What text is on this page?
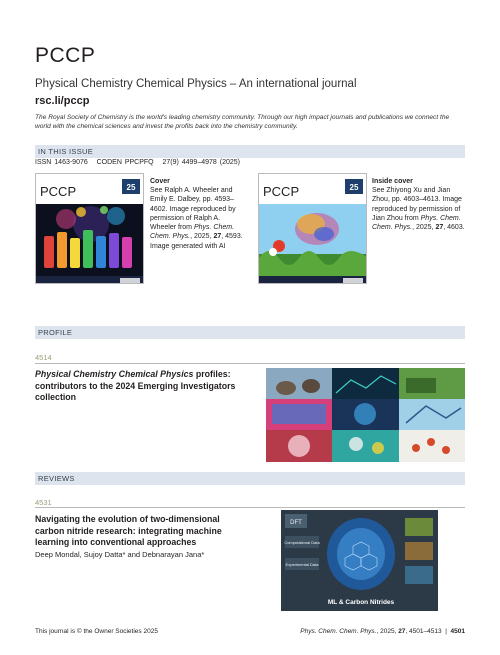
PCCP
Physical Chemistry Chemical Physics – An international journal
rsc.li/pccp
The Royal Society of Chemistry is the world's leading chemistry community. Through our high impact journals and publications we connect the world with the chemical sciences and invest the profits back into the chemistry community.
IN THIS ISSUE
ISSN 1463-9076 CODEN PPCPFQ 27(9) 4499–4978 (2025)
PCCP	25
Cover
See Ralph A. Wheeler and Emily E. Dalbey, pp. 4593–4602. Image reproduced by permission of Ralph A. Wheeler from Phys. Chem. Chem. Phys., 2025, 27, 4593. Image generated with AI
PCCP	25
Inside cover
See Zhiyong Xu and Jian Zhou, pp. 4603–4613. Image reproduced by permission of Jian Zhou from Phys. Chem. Chem. Phys., 2025, 27, 4603.
PROFILE
4514
Physical Chemistry Chemical Physics profiles: contributors to the 2024 Emerging Investigators collection
REVIEWS
4531
Navigating the evolution of two-dimensional carbon nitride research: integrating machine learning into conventional approaches
Deep Mondal, Sujoy Datta* and Debnarayan Jana*
DFT
Computational Data
Experimental Data
ML & Carbon Nitrides
This journal is © the Owner Societies 2025	Phys. Chem. Chem. Phys., 2025, 27, 4501–4513 | 4501
